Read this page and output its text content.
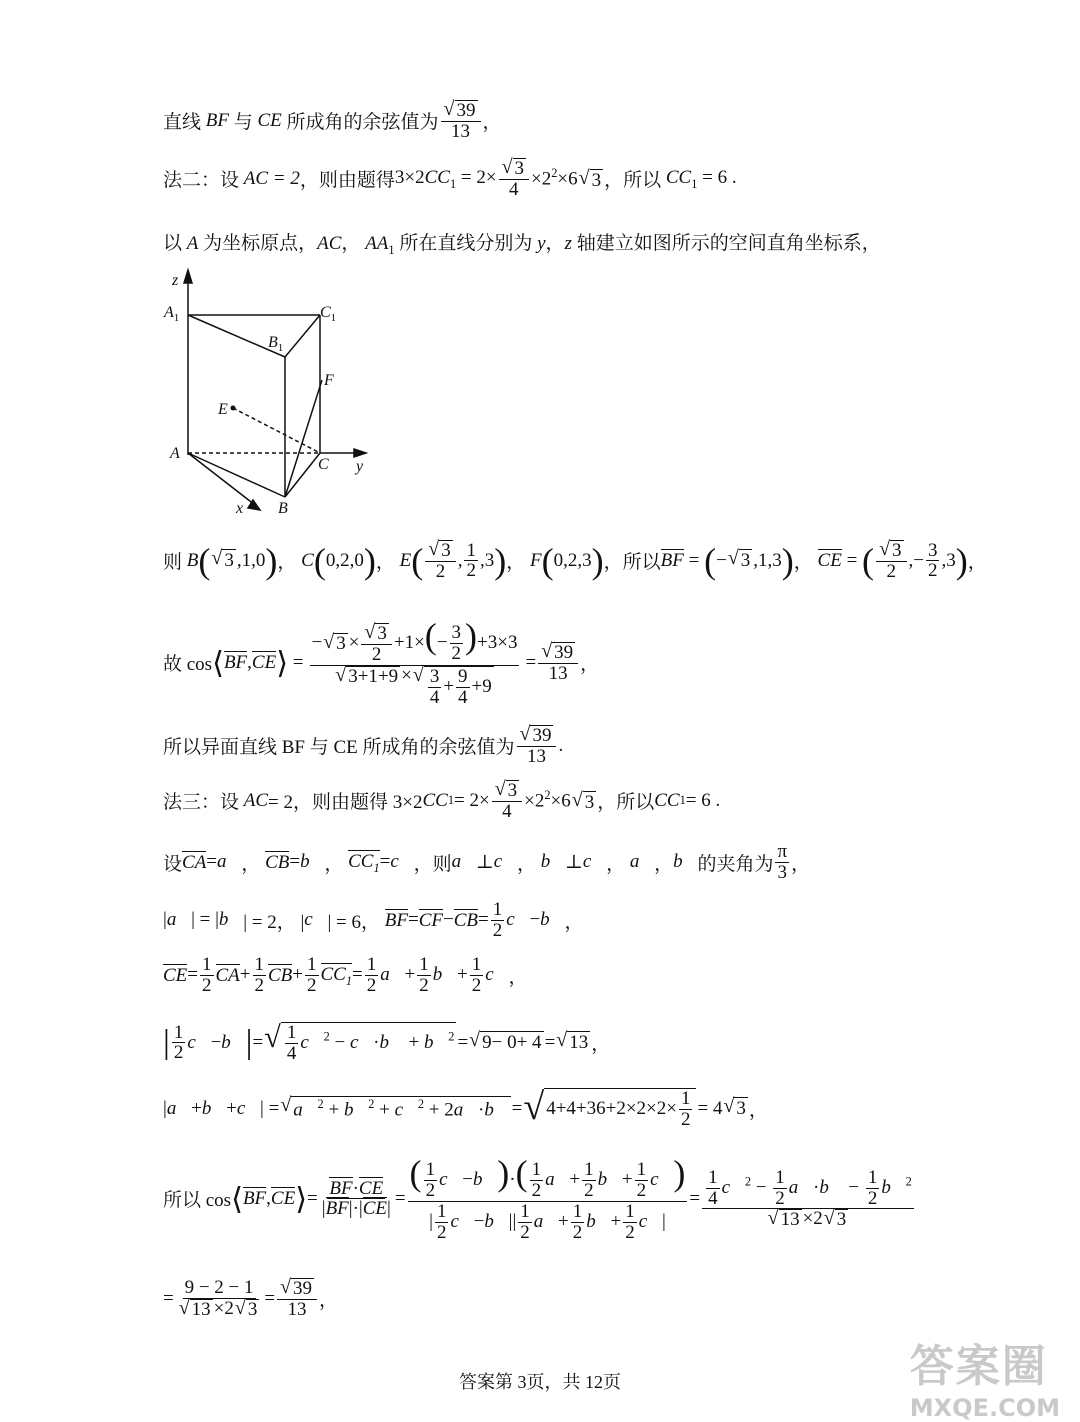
直线
BF
与
CE
所成角的余弦值为 $\frac{√ 39}{13}$ ，
法二：设
AC = 2 ，则由题得 $3\times 2CC_1 = 2\times \frac{√ 3}{4} \times 2^2\times 6$ √ 3 ，所以
$CC_1 = 6$ .
以 A 为坐标原点，AC， $AA_1$ 所在直线分别为 y，z 轴建立如图所示的空间直角坐标系，
z
$A_1$	$C_1$
$B_1$
F
E
A
C y
x B
则
B ( √ 3 ,1,0 ) ， C ( 0,2,0 ) ， E ( $\frac{√ 3}{2}$ , $\frac{1}{2} ,3$ ) ， F ( 0,2,3 ) ， 所以 BF = ( − √ 3 ,1,3 ) ， CE = ( $\frac{√ 3}{2}$ ,− $\frac{3}{2} ,3$ ) ，
故 cos ⟨ BF , CE ⟩ = $\frac{- √ 3 \times \frac{√ 3}{2} +1\times(- \frac{3}{2} )+3\times 3}{√ 3+1+9 \times √ \frac{3}{4} + \frac{9}{4} +9} = \frac{√ 39}{13}$ ，
所以异面直线 BF 与 CE 所成角的余弦值为 $\frac{√ 39}{13}$ .
法三：设
AC = 2，则由题得 3×2 CC $1 = 2\times \frac{√ 3}{4} \times 2^2\times 6$ √ 3 ，所以 CC 1 = 6 .
设 CA = a⃗ ， CB = b⃗ ， $CC_1$ = c⃗ ，则 a⃗ ⊥ c⃗ ， b⃗ ⊥ c⃗ ， a⃗ ， b⃗ 的夹角为 $\frac{\pi}{3}$ ，
| a⃗ | = | b⃗ | = 2， | c⃗ | = 6， BF = CF − CB = $\frac{1}{2}$ c⃗ − b⃗ ，
CE = $\frac{1}{2}$ CA + $\frac{1}{2}$ CB + $\frac{1}{2} CC_1 = \frac{1}{2}$ a⃗ + $\frac{1}{2}$ b⃗ + $\frac{1}{2}$ c⃗ ，
| $\frac{1}{2}$ c⃗ − b⃗ | = √ $\frac{1}{4}$ c⃗$^2$ − c⃗·b⃗ + b⃗$^2$ = √ 9− 0+ 4 = √ 13 ，
| a⃗ + b⃗ + c⃗ | = √ a⃗$^2$ + b⃗$^2$ + c⃗$^2$ + 2a⃗·b⃗ = √ $4+4+36+2\times 2\times 2\times \frac{1}{2} = 4$ √ 3 ，
所以 cos ⟨ BF , CE ⟩ = $\frac{BF\cdot CE}{|BF|\cdot|CE|} = \frac{( \frac{1}{2} c⃗-b⃗)\cdot( \frac{1}{2} a⃗+ \frac{1}{2} b⃗+ \frac{1}{2} c⃗)}{| \frac{1}{2} c⃗-b⃗|| \frac{1}{2} a⃗+ \frac{1}{2} b⃗+ \frac{1}{2} c⃗|} = \frac{\frac{1}{4} c⃗^2 - \frac{1}{2} a⃗\cdot b⃗ - \frac{1}{2} b⃗^2}{√ 13 \times 2 √ 3}$
= $\frac{9 - 2 - 1}{√ 13 \times 2 √ 3} = \frac{√ 39}{13}$ ，
答案第 3页，共 12页	答案圈
MXQE.COM
